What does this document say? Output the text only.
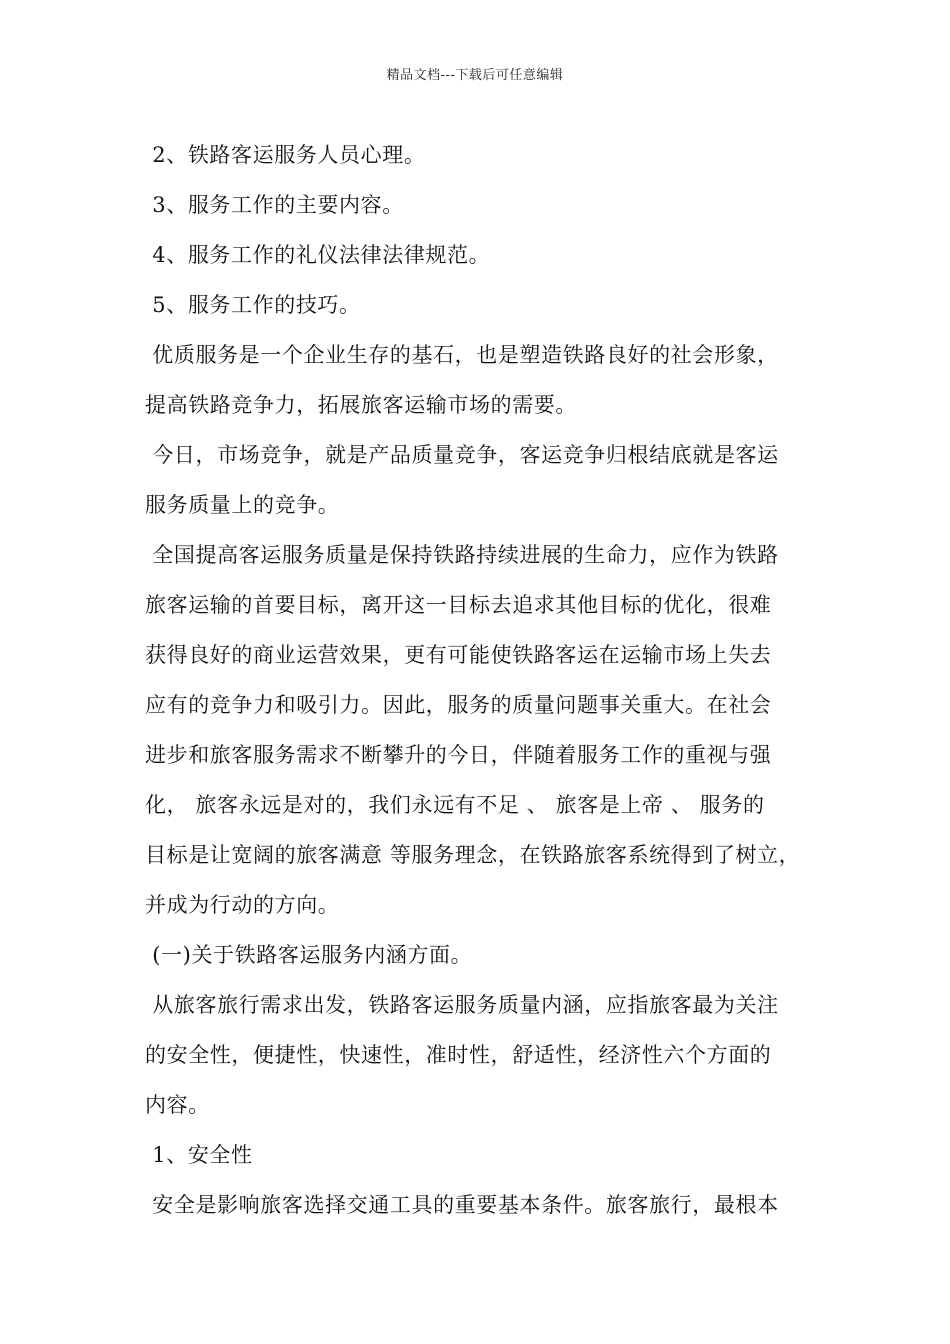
精品文档---下载后可任意编辑
2、铁路客运服务人员心理。
3、服务工作的主要内容。
4、服务工作的礼仪法律法律规范。
5、服务工作的技巧。
优质服务是一个企业生存的基石，也是塑造铁路良好的社会形象，
提高铁路竞争力，拓展旅客运输市场的需要。
今日，市场竞争，就是产品质量竞争，客运竞争归根结底就是客运
服务质量上的竞争。
全国提高客运服务质量是保持铁路持续进展的生命力，应作为铁路
旅客运输的首要目标，离开这一目标去追求其他目标的优化，很难
获得良好的商业运营效果，更有可能使铁路客运在运输市场上失去
应有的竞争力和吸引力。因此，服务的质量问题事关重大。在社会
进步和旅客服务需求不断攀升的今日，伴随着服务工作的重视与强
化， 旅客永远是对的，我们永远有不足 、 旅客是上帝 、 服务的
目标是让宽阔的旅客满意 等服务理念，在铁路旅客系统得到了树立，
并成为行动的方向。
(一)关于铁路客运服务内涵方面。
从旅客旅行需求出发，铁路客运服务质量内涵，应指旅客最为关注
的安全性，便捷性，快速性，准时性，舒适性，经济性六个方面的
内容。
1、安全性
安全是影响旅客选择交通工具的重要基本条件。旅客旅行，最根本
